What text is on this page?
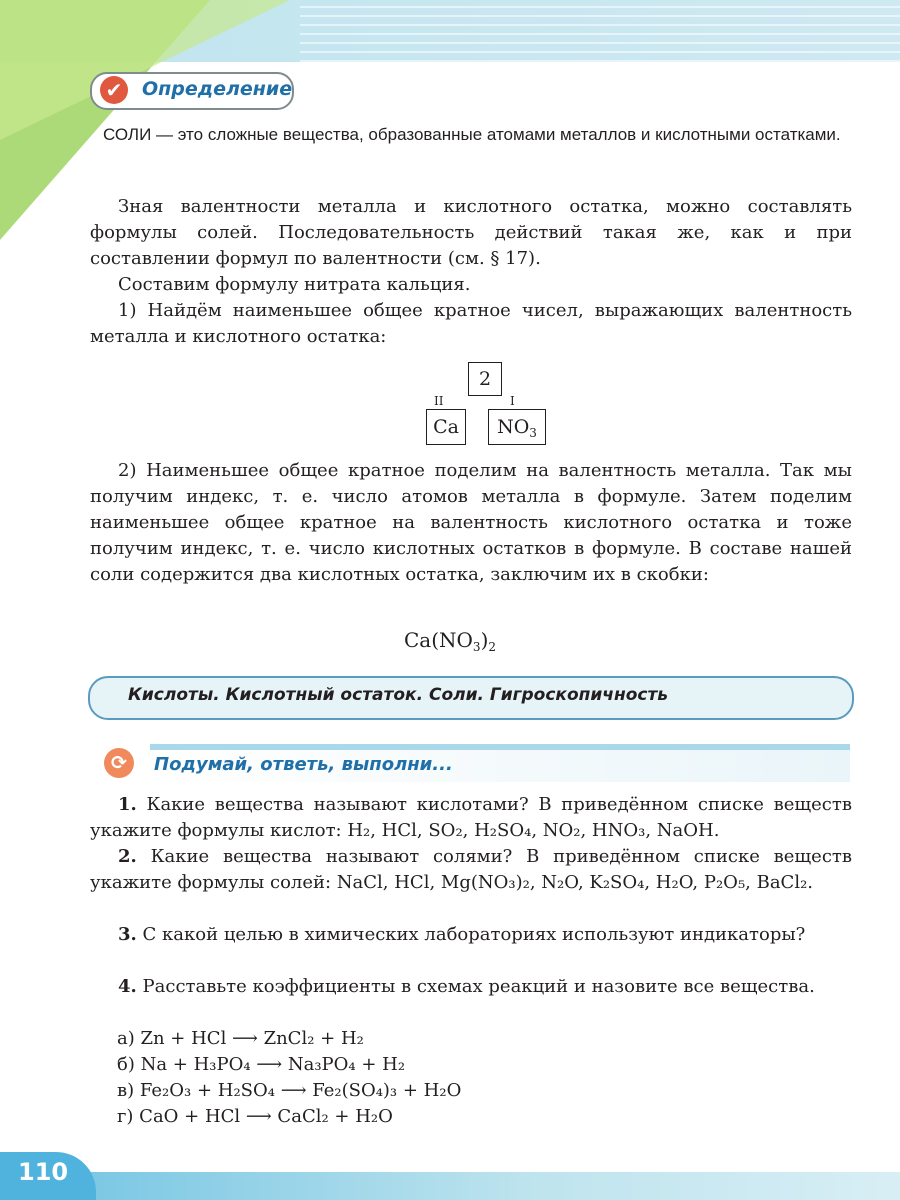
✔ Определение
СОЛИ — это сложные вещества, образованные атомами металлов и кислотными остатками.
Зная валентности металла и кислотного остатка, можно составлять формулы солей. Последовательность действий такая же, как и при составлении формул по валентности (см. § 17).
Составим формулу нитрата кальция.
1) Найдём наименьшее общее кратное чисел, выражающих валентность металла и кислотного остатка:
2
II	I
Ca	$NO_3$
2) Наименьшее общее кратное поделим на валентность металла. Так мы получим индекс, т. е. число атомов металла в формуле. Затем поделим наименьшее общее кратное на валентность кислотного остатка и тоже получим индекс, т. е. число кислотных остатков в формуле. В составе нашей соли содержится два кислотных остатка, заключим их в скобки:
$Ca(NO_3)_2$
Кислоты. Кислотный остаток. Соли. Гигроскопичность
⟳	Подумай, ответь, выполни...
1. Какие вещества называют кислотами? В приведённом списке веществ укажите формулы кислот: H₂, HCl, SO₂, H₂SO₄, NO₂, HNO₃, NaOH.
2. Какие вещества называют солями? В приведённом списке веществ укажите формулы солей: NaCl, HCl, Mg(NO₃)₂, N₂O, K₂SO₄, H₂O, P₂O₅, BaCl₂.
3. С какой целью в химических лабораториях используют индикаторы?
4. Расставьте коэффициенты в схемах реакций и назовите все вещества.
а) Zn + HCl ⟶ ZnCl₂ + H₂
б) Na + H₃PO₄ ⟶ Na₃PO₄ + H₂
в) Fe₂O₃ + H₂SO₄ ⟶ Fe₂(SO₄)₃ + H₂O
г) CaO + HCl ⟶ CaCl₂ + H₂O
110
